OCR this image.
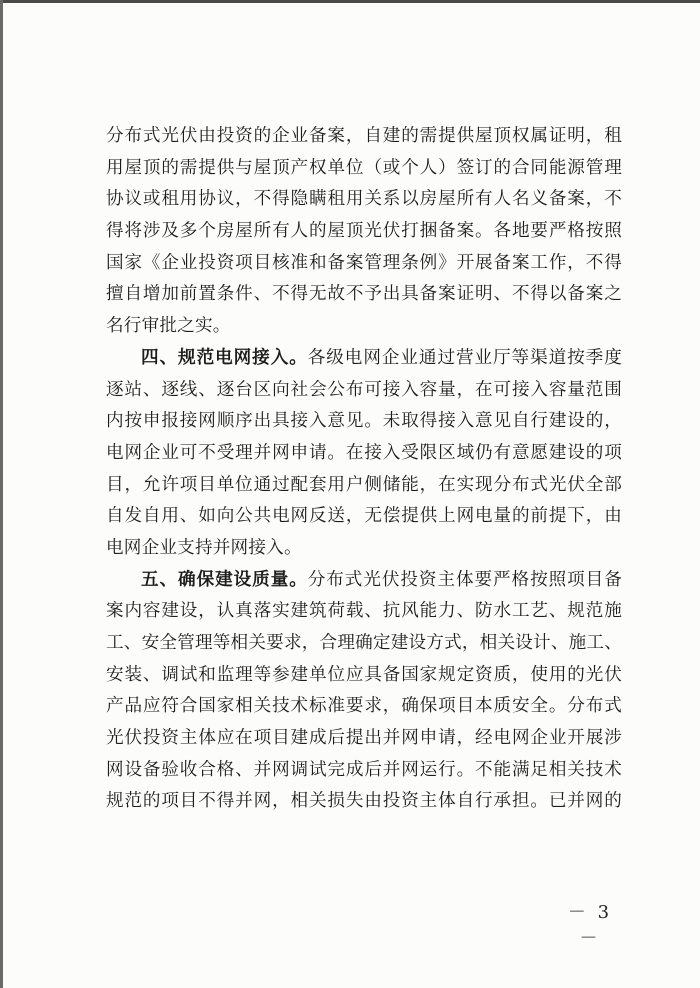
分布式光伏由投资的企业备案，自建的需提供屋顶权属证明，租
用屋顶的需提供与屋顶产权单位（或个人）签订的合同能源管理
协议或租用协议，不得隐瞒租用关系以房屋所有人名义备案，不
得将涉及多个房屋所有人的屋顶光伏打捆备案。各地要严格按照
国家《企业投资项目核准和备案管理条例》开展备案工作，不得
擅自增加前置条件、不得无故不予出具备案证明、不得以备案之
名行审批之实。
四、规范电网接入。各级电网企业通过营业厅等渠道按季度
逐站、逐线、逐台区向社会公布可接入容量，在可接入容量范围
内按申报接网顺序出具接入意见。未取得接入意见自行建设的，
电网企业可不受理并网申请。在接入受限区域仍有意愿建设的项
目，允许项目单位通过配套用户侧储能，在实现分布式光伏全部
自发自用、如向公共电网反送，无偿提供上网电量的前提下，由
电网企业支持并网接入。
五、确保建设质量。分布式光伏投资主体要严格按照项目备
案内容建设，认真落实建筑荷载、抗风能力、防水工艺、规范施
工、安全管理等相关要求，合理确定建设方式，相关设计、施工、
安装、调试和监理等参建单位应具备国家规定资质，使用的光伏
产品应符合国家相关技术标准要求，确保项目本质安全。分布式
光伏投资主体应在项目建成后提出并网申请，经电网企业开展涉
网设备验收合格、并网调试完成后并网运行。不能满足相关技术
规范的项目不得并网，相关损失由投资主体自行承担。已并网的
－ 3 －
